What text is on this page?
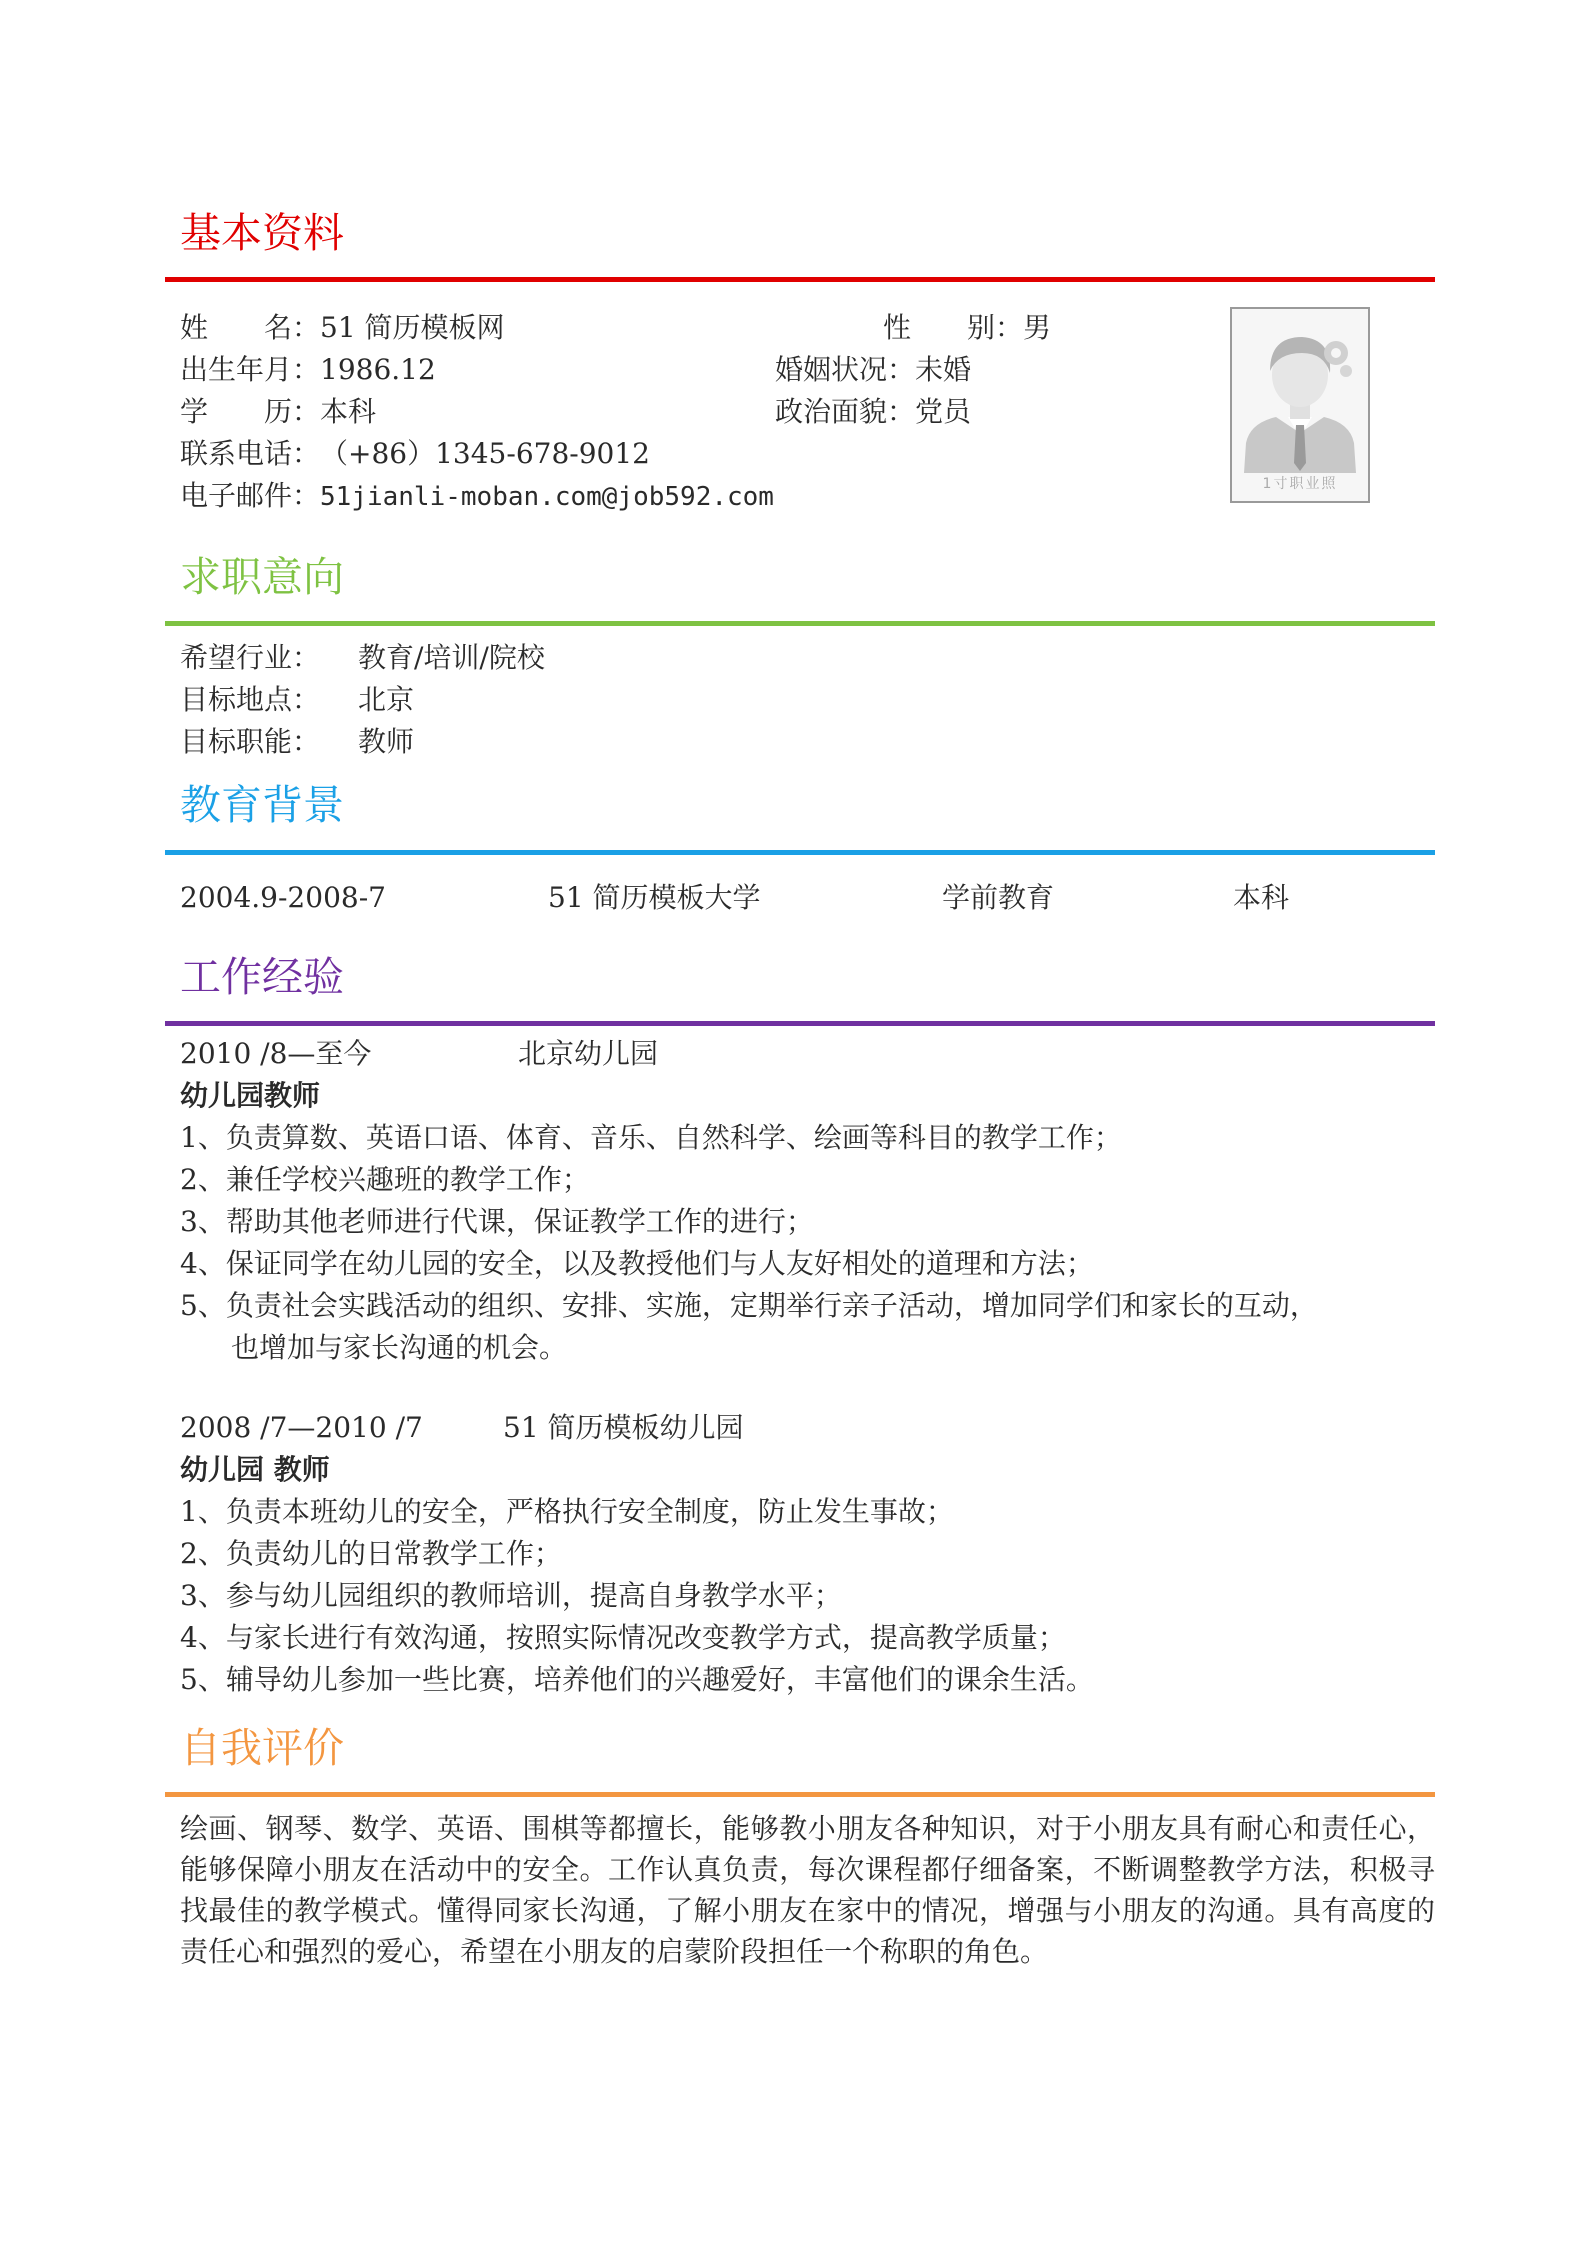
基本资料
姓　　名：51 简历模板网	性　　别：男
出生年月：1986.12	婚姻状况：未婚
学　　历：本科	政治面貌：党员
联系电话：（+86）1345-678-9012
电子邮件：51jianli-moban.com@job592.com	1寸职业照
求职意向
希望行业： 教育/培训/院校
目标地点： 北京
目标职能： 教师
教育背景
2004.9-2008-7	51 简历模板大学	学前教育	本科
工作经验
2010 /8—至今	北京幼儿园
幼儿园教师
1、负责算数、英语口语、体育、音乐、自然科学、绘画等科目的教学工作；
2、兼任学校兴趣班的教学工作；
3、帮助其他老师进行代课，保证教学工作的进行；
4、保证同学在幼儿园的安全，以及教授他们与人友好相处的道理和方法；
5、负责社会实践活动的组织、安排、实施，定期举行亲子活动，增加同学们和家长的互动，
也增加与家长沟通的机会。
2008 /7—2010 /7	51 简历模板幼儿园
幼儿园 教师
1、负责本班幼儿的安全，严格执行安全制度，防止发生事故；
2、负责幼儿的日常教学工作；
3、参与幼儿园组织的教师培训，提高自身教学水平；
4、与家长进行有效沟通，按照实际情况改变教学方式，提高教学质量；
5、辅导幼儿参加一些比赛，培养他们的兴趣爱好，丰富他们的课余生活。
自我评价

绘画、钢琴、数学、英语、围棋等都擅长，能够教小朋友各种知识，对于小朋友具有耐心和责任心，能够保障小朋友在活动中的安全。工作认真负责，每次课程都仔细备案，不断调整教学方法，积极寻找最佳的教学模式。懂得同家长沟通，了解小朋友在家中的情况，增强与小朋友的沟通。具有高度的责任心和强烈的爱心，希望在小朋友的启蒙阶段担任一个称职的角色。
